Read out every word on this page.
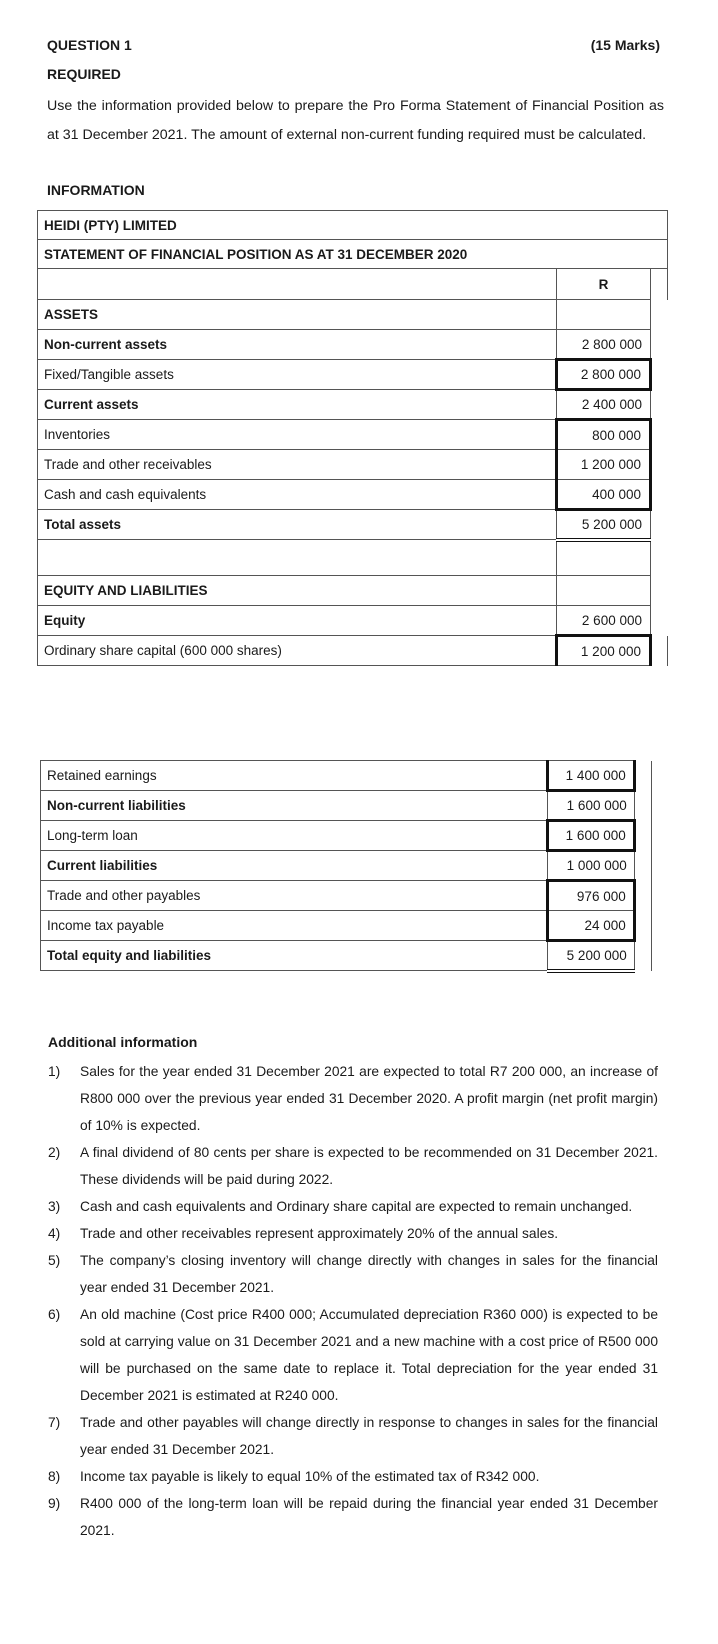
QUESTION 1	(15 Marks)
REQUIRED
Use the information provided below to prepare the Pro Forma Statement of Financial Position as at 31 December 2021. The amount of external non-current funding required must be calculated.
INFORMATION
HEIDI (PTY) LIMITED		
STATEMENT OF FINANCIAL POSITION AS AT 31 DECEMBER 2020		
	R	
ASSETS		
Non-current assets	2 800 000	
Fixed/Tangible assets	2 800 000	
Current assets	2 400 000	
Inventories	800 000	
Trade and other receivables	1 200 000	
Cash and cash equivalents	400 000	
Total assets	5 200 000	

EQUITY AND LIABILITIES		
Equity	2 600 000	
Ordinary share capital (600 000 shares)	1 200 000	
Retained earnings	1 400 000	
Non-current liabilities	1 600 000	
Long-term loan	1 600 000	
Current liabilities	1 000 000	
Trade and other payables	976 000	
Income tax payable	24 000	
Total equity and liabilities	5 200 000	
Additional information
1)	Sales for the year ended 31 December 2021 are expected to total R7 200 000, an increase of R800 000 over the previous year ended 31 December 2020. A profit margin (net profit margin) of 10% is expected.
2)	A final dividend of 80 cents per share is expected to be recommended on 31 December 2021. These dividends will be paid during 2022.
3)	Cash and cash equivalents and Ordinary share capital are expected to remain unchanged.
4)	Trade and other receivables represent approximately 20% of the annual sales.
5)	The company’s closing inventory will change directly with changes in sales for the financial year ended 31 December 2021.
6)	An old machine (Cost price R400 000; Accumulated depreciation R360 000) is expected to be sold at carrying value on 31 December 2021 and a new machine with a cost price of R500 000 will be purchased on the same date to replace it. Total depreciation for the year ended 31 December 2021 is estimated at R240 000.
7)	Trade and other payables will change directly in response to changes in sales for the financial year ended 31 December 2021.
8)	Income tax payable is likely to equal 10% of the estimated tax of R342 000.
9)	R400 000 of the long-term loan will be repaid during the financial year ended 31 December 2021.
